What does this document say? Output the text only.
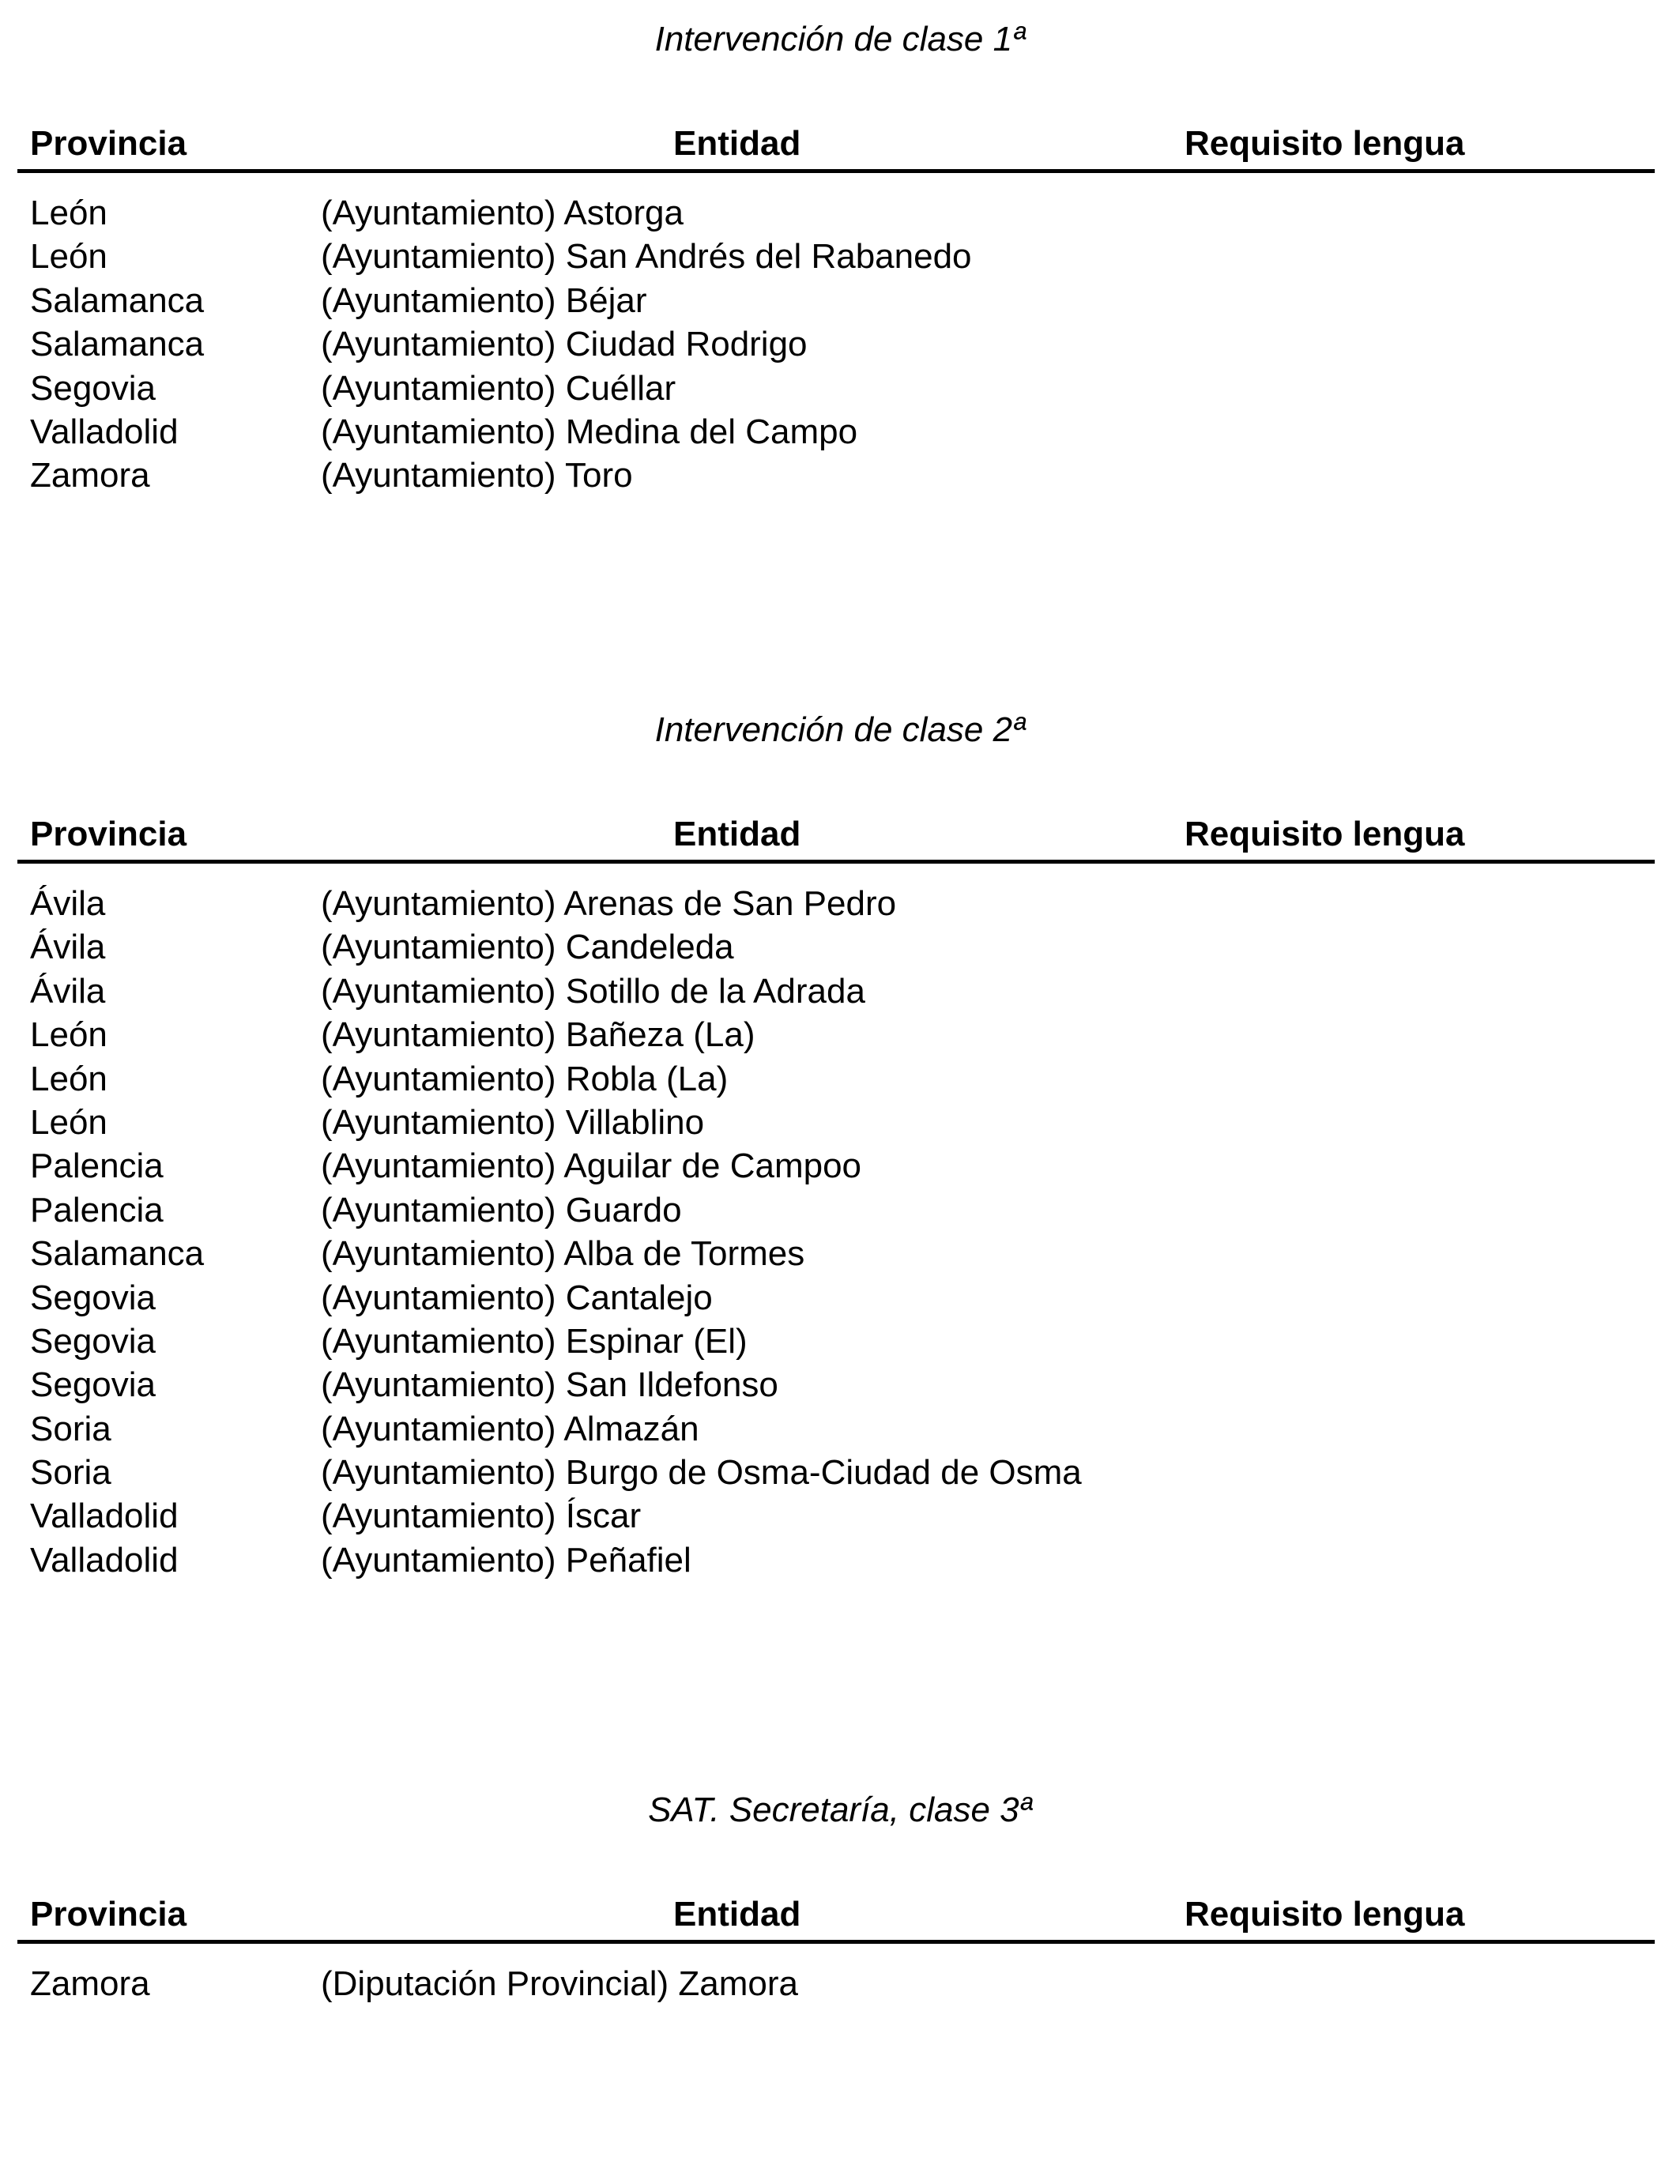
Intervención de clase 1ª
Provincia	Entidad	Requisito lengua
León	(Ayuntamiento) Astorga
León	(Ayuntamiento) San Andrés del Rabanedo
Salamanca	(Ayuntamiento) Béjar
Salamanca	(Ayuntamiento) Ciudad Rodrigo
Segovia	(Ayuntamiento) Cuéllar
Valladolid	(Ayuntamiento) Medina del Campo
Zamora	(Ayuntamiento) Toro
Intervención de clase 2ª
Provincia	Entidad	Requisito lengua
Ávila	(Ayuntamiento) Arenas de San Pedro
Ávila	(Ayuntamiento) Candeleda
Ávila	(Ayuntamiento) Sotillo de la Adrada
León	(Ayuntamiento) Bañeza (La)
León	(Ayuntamiento) Robla (La)
León	(Ayuntamiento) Villablino
Palencia	(Ayuntamiento) Aguilar de Campoo
Palencia	(Ayuntamiento) Guardo
Salamanca	(Ayuntamiento) Alba de Tormes
Segovia	(Ayuntamiento) Cantalejo
Segovia	(Ayuntamiento) Espinar (El)
Segovia	(Ayuntamiento) San Ildefonso
Soria	(Ayuntamiento) Almazán
Soria	(Ayuntamiento) Burgo de Osma-Ciudad de Osma
Valladolid	(Ayuntamiento) Íscar
Valladolid	(Ayuntamiento) Peñafiel
SAT. Secretaría, clase 3ª
Provincia	Entidad	Requisito lengua
Zamora	(Diputación Provincial) Zamora
